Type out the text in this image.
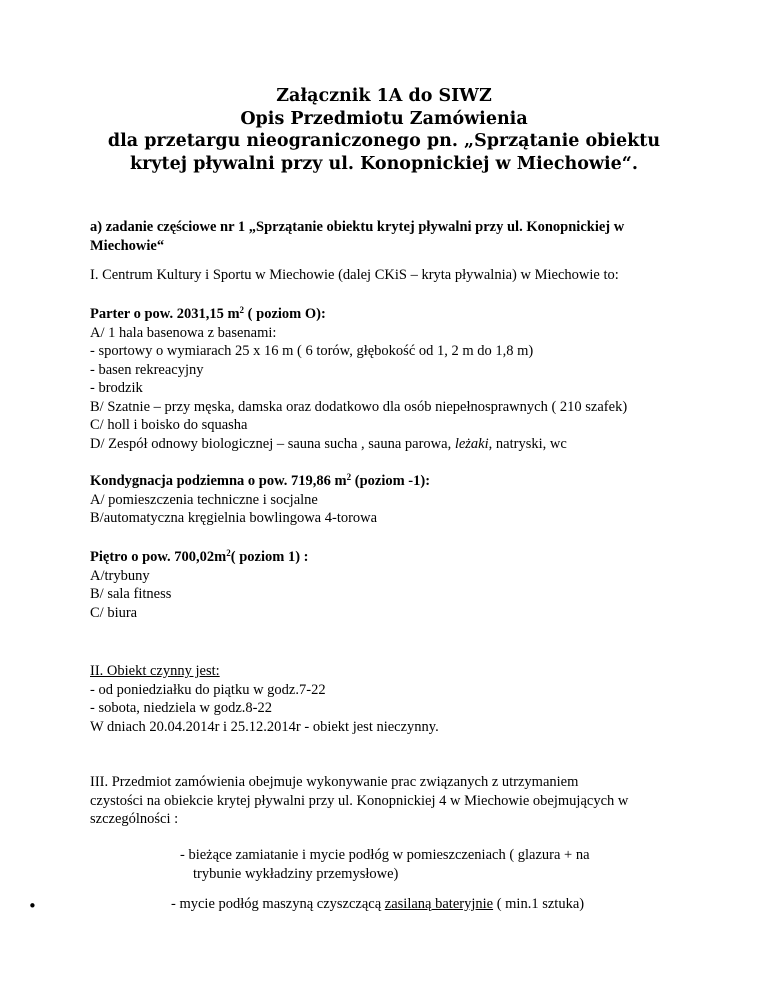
Załącznik 1A do SIWZ
Opis Przedmiotu Zamówienia
dla przetargu nieograniczonego pn. „Sprzątanie obiektu
krytej pływalni przy ul. Konopnickiej w Miechowie“.
a) zadanie częściowe nr 1 „Sprzątanie obiektu krytej pływalni przy ul. Konopnickiej w
Miechowie“
I. Centrum Kultury i Sportu w Miechowie (dalej CKiS – kryta pływalnia) w Miechowie to:
Parter o pow. 2031,15 $m^2$ ( poziom O):
A/ 1 hala basenowa z basenami:
- sportowy o wymiarach 25 x 16 m ( 6 torów, głębokość od 1, 2 m do 1,8 m)
- basen rekreacyjny
- brodzik
B/ Szatnie – przy męska, damska oraz dodatkowo dla osób niepełnosprawnych ( 210 szafek)
C/ holl i boisko do squasha
D/ Zespół odnowy biologicznej – sauna sucha , sauna parowa, leżaki, natryski, wc
Kondygnacja podziemna o pow. 719,86 $m^2$ (poziom -1):
A/ pomieszczenia techniczne i socjalne
B/automatyczna kręgielnia bowlingowa 4-torowa
Piętro o pow. $700,02m^2$( poziom 1) :
A/trybuny
B/ sala fitness
C/ biura
II. Obiekt czynny jest:
- od poniedziałku do piątku w godz.7-22
- sobota, niedziela w godz.8-22
W dniach 20.04.2014r i 25.12.2014r - obiekt jest nieczynny.
III. Przedmiot zamówienia obejmuje wykonywanie prac związanych z utrzymaniem
czystości na obiekcie krytej pływalni przy ul. Konopnickiej 4 w Miechowie obejmujących w
szczególności :
- bieżące zamiatanie i mycie podłóg w pomieszczeniach ( glazura + na
trybunie wykładziny przemysłowe)
•	- mycie podłóg maszyną czyszczącą zasilaną bateryjnie ( min.1 sztuka)
